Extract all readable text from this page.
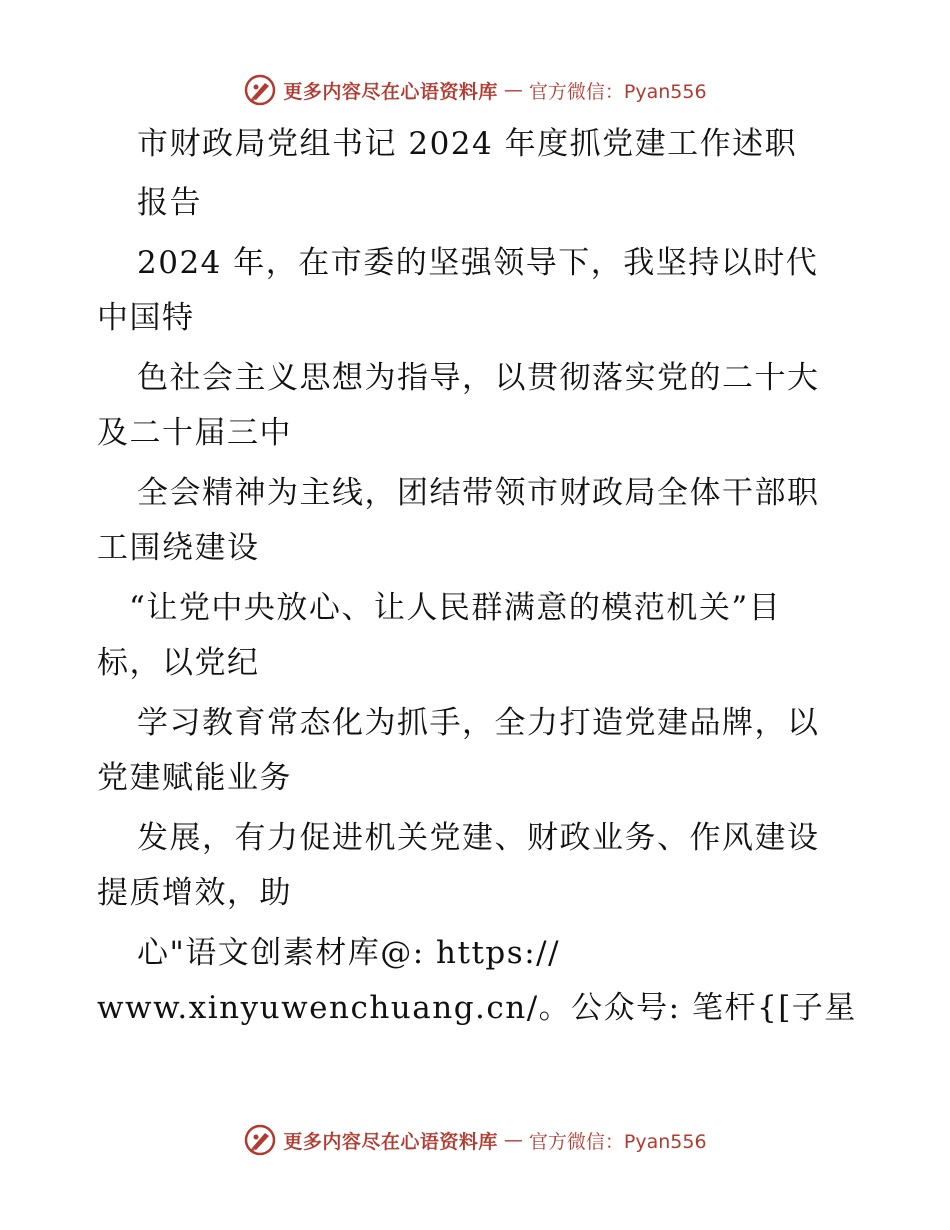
更多内容尽在心语资料库 — 官方微信：Pyan556
市财政局党组书记 2024 年度抓党建工作述职
报告
2024 年，在市委的坚强领导下，我坚持以时代
中国特
色社会主义思想为指导，以贯彻落实党的二十大
及二十届三中
全会精神为主线，团结带领市财政局全体干部职
工围绕建设
“让党中央放心、让人民群满意的模范机关”目
标，以党纪
学习教育常态化为抓手，全力打造党建品牌，以
党建赋能业务
发展，有力促进机关党建、财政业务、作风建设
提质增效，助
心"语文创素材库@: https://
www.xinyuwenchuang.cn/。公众号: 笔杆{[子星
更多内容尽在心语资料库 — 官方微信：Pyan556
